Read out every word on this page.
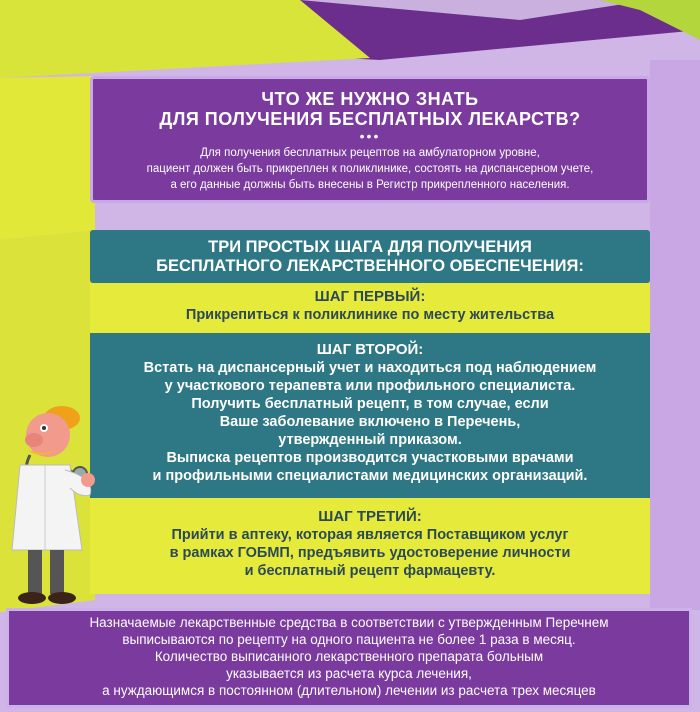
ЧТО ЖЕ НУЖНО ЗНАТЬ
ДЛЯ ПОЛУЧЕНИЯ БЕСПЛАТНЫХ ЛЕКАРСТВ?
•••
Для получения бесплатных рецептов на амбулаторном уровне,
пациент должен быть прикреплен к поликлинике, состоять на диспансерном учете,
а его данные должны быть внесены в Регистр прикрепленного населения.
ТРИ ПРОСТЫХ ШАГА ДЛЯ ПОЛУЧЕНИЯ
БЕСПЛАТНОГО ЛЕКАРСТВЕННОГО ОБЕСПЕЧЕНИЯ:
ШАГ ПЕРВЫЙ:
Прикрепиться к поликлинике по месту жительства
ШАГ ВТОРОЙ:
Встать на диспансерный учет и находиться под наблюдением
у участкового терапевта или профильного специалиста.
Получить бесплатный рецепт, в том случае, если
Ваше заболевание включено в Перечень,
утвержденный приказом.
Выписка рецептов производится участковыми врачами
и профильными специалистами медицинских организаций.
ШАГ ТРЕТИЙ:
Прийти в аптеку, которая является Поставщиком услуг
в рамках ГОБМП, предъявить удостоверение личности
и бесплатный рецепт фармацевту.
Назначаемые лекарственные средства в соответствии с утвержденным Перечнем
выписываются по рецепту на одного пациента не более 1 раза в месяц.
Количество выписанного лекарственного препарата больным
указывается из расчета курса лечения,
а нуждающимся в постоянном (длительном) лечении из расчета трех месяцев
